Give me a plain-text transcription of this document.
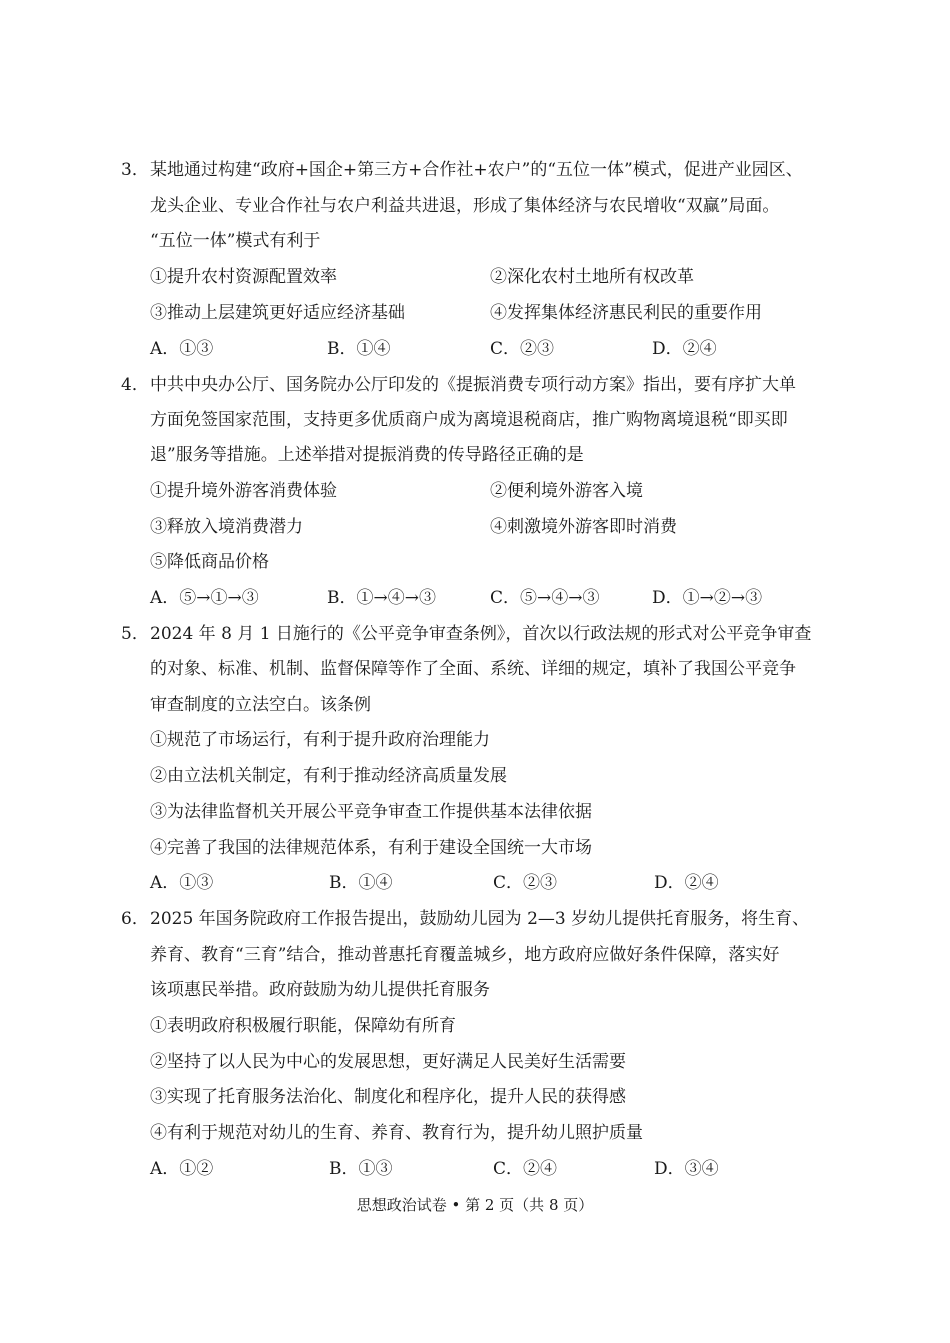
3． 某地通过构建“政府+国企+第三方+合作社+农户”的“五位一体”模式，促进产业园区、
龙头企业、专业合作社与农户利益共进退，形成了集体经济与农民增收“双赢”局面。
“五位一体”模式有利于
①提升农村资源配置效率	②深化农村土地所有权改革
③推动上层建筑更好适应经济基础	④发挥集体经济惠民利民的重要作用
A．①③	B．①④	C．②③	D．②④
4． 中共中央办公厅、国务院办公厅印发的《提振消费专项行动方案》指出，要有序扩大单
方面免签国家范围，支持更多优质商户成为离境退税商店，推广购物离境退税“即买即
退”服务等措施。上述举措对提振消费的传导路径正确的是
①提升境外游客消费体验	②便利境外游客入境
③释放入境消费潜力	④刺激境外游客即时消费
⑤降低商品价格
A．⑤→①→③	B．①→④→③	C．⑤→④→③	D．①→②→③
5． 2024 年 8 月 1 日施行的《公平竞争审查条例》，首次以行政法规的形式对公平竞争审查
的对象、标准、机制、监督保障等作了全面、系统、详细的规定，填补了我国公平竞争
审查制度的立法空白。该条例
①规范了市场运行，有利于提升政府治理能力
②由立法机关制定，有利于推动经济高质量发展
③为法律监督机关开展公平竞争审查工作提供基本法律依据
④完善了我国的法律规范体系，有利于建设全国统一大市场
A．①③	B．①④	C．②③	D．②④
6． 2025 年国务院政府工作报告提出，鼓励幼儿园为 2—3 岁幼儿提供托育服务，将生育、
养育、教育“三育”结合，推动普惠托育覆盖城乡，地方政府应做好条件保障，落实好
该项惠民举措。政府鼓励为幼儿提供托育服务
①表明政府积极履行职能，保障幼有所育
②坚持了以人民为中心的发展思想，更好满足人民美好生活需要
③实现了托育服务法治化、制度化和程序化，提升人民的获得感
④有利于规范对幼儿的生育、养育、教育行为，提升幼儿照护质量
A．①②	B．①③	C．②④	D．③④
思想政治试卷 • 第 2 页（共 8 页）
